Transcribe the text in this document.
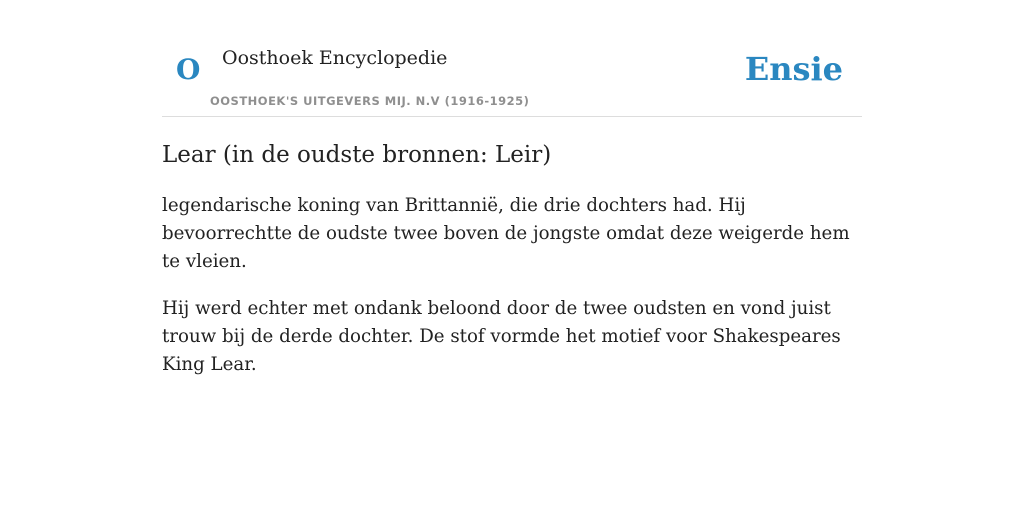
O Oosthoek Encyclopedie
OOSTHOEK'S UITGEVERS MIJ. N.V (1916-1925)
Ensie
Lear (in de oudste bronnen: Leir)

legendarische koning van Brittannië, die drie dochters had. Hij bevoorrechtte de oudste twee boven de jongste omdat deze weigerde hem te vleien.

Hij werd echter met ondank beloond door de twee oudsten en vond juist trouw bij de derde dochter. De stof vormde het motief voor Shakespeares King Lear.
